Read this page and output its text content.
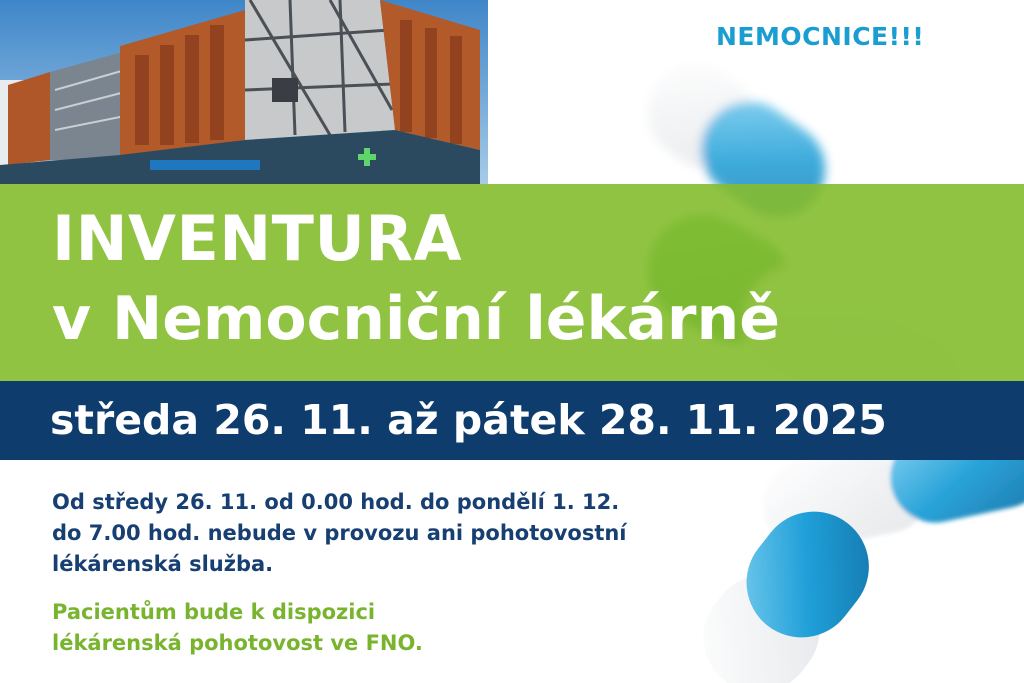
NEMOCNICE!!!
INVENTURA
v Nemocniční lékárně
středa 26. 11. až pátek 28. 11. 2025
Od středy 26. 11. od 0.00 hod. do pondělí 1. 12.
do 7.00 hod. nebude v provozu ani pohotovostní
lékárenská služba.
Pacientům bude k dispozici
lékárenská pohotovost ve FNO.
